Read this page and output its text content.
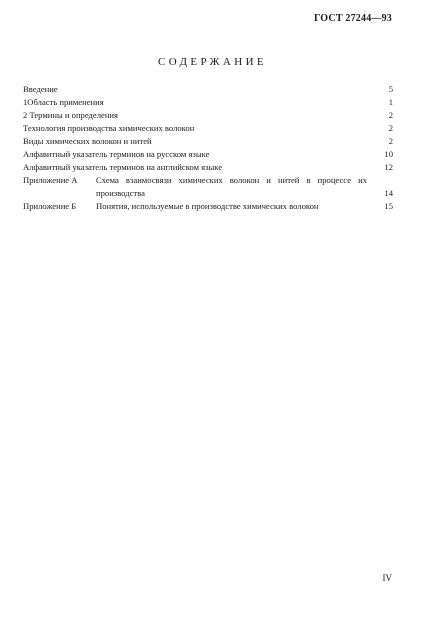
ГОСТ 27244—93
СОДЕРЖАНИЕ
Введение	5
1Область применения	1
2 Термины и определения	2
Технология производства химических волокон	2
Виды химических волокон и нитей	2
Алфавитный указатель терминов на русском языке	10
Алфавитный указатель терминов на английском языке	12
Приложение А	Схема взаимосвязи химических волокон и нитей в процессе их
производства	14
Приложение Б	Понятия, используемые в производстве химических волокон	15
IV
